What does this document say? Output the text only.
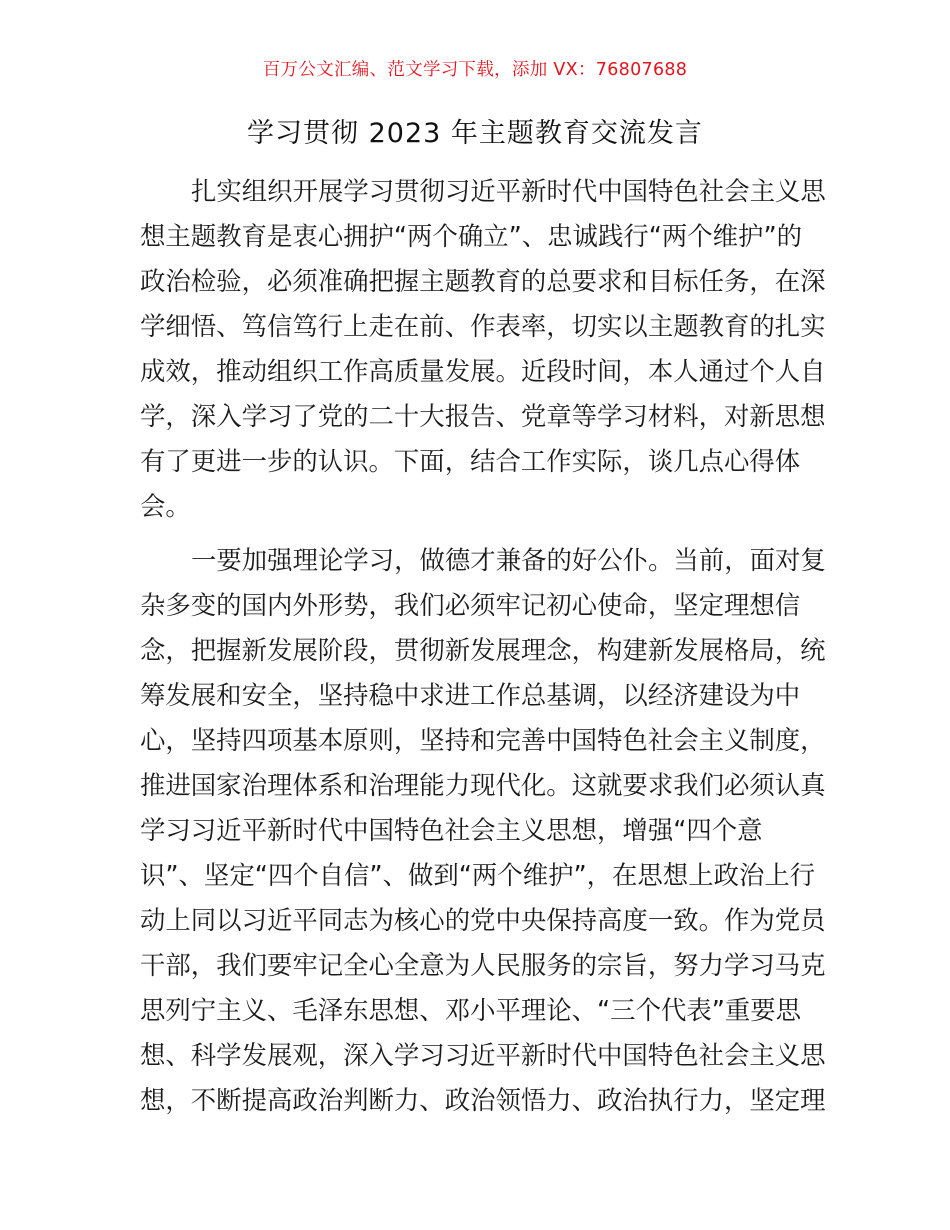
百万公文汇编、范文学习下载，添加 VX：76807688
学习贯彻 2023 年主题教育交流发言
扎实组织开展学习贯彻习近平新时代中国特色社会主义思
想主题教育是衷心拥护“两个确立”、忠诚践行“两个维护”的
政治检验，必须准确把握主题教育的总要求和目标任务，在深
学细悟、笃信笃行上走在前、作表率，切实以主题教育的扎实
成效，推动组织工作高质量发展。近段时间，本人通过个人自
学，深入学习了党的二十大报告、党章等学习材料，对新思想
有了更进一步的认识。下面，结合工作实际，谈几点心得体
会。
一要加强理论学习，做德才兼备的好公仆。当前，面对复
杂多变的国内外形势，我们必须牢记初心使命，坚定理想信
念，把握新发展阶段，贯彻新发展理念，构建新发展格局，统
筹发展和安全，坚持稳中求进工作总基调，以经济建设为中
心，坚持四项基本原则，坚持和完善中国特色社会主义制度，
推进国家治理体系和治理能力现代化。这就要求我们必须认真
学习习近平新时代中国特色社会主义思想，增强“四个意
识”、坚定“四个自信”、做到“两个维护”，在思想上政治上行
动上同以习近平同志为核心的党中央保持高度一致。作为党员
干部，我们要牢记全心全意为人民服务的宗旨，努力学习马克
思列宁主义、毛泽东思想、邓小平理论、“三个代表”重要思
想、科学发展观，深入学习习近平新时代中国特色社会主义思
想，不断提高政治判断力、政治领悟力、政治执行力，坚定理
